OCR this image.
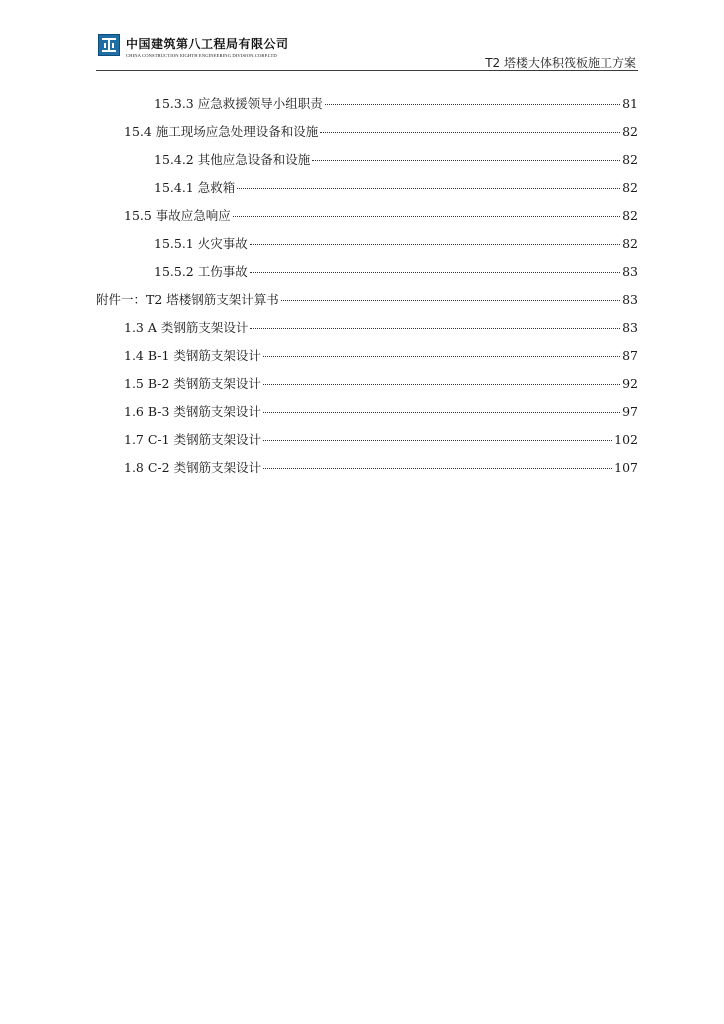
中国建筑第八工程局有限公司
CHINA CONSTRUCTION EIGHTH ENGINEERING DIVISION.CORP.LTD
T2 塔楼大体积筏板施工方案
15.3.3 应急救援领导小组职责	81
15.4 施工现场应急处理设备和设施	82
15.4.2 其他应急设备和设施	82
15.4.1 急救箱	82
15.5 事故应急响应	82
15.5.1 火灾事故	82
15.5.2 工伤事故	83
附件一：T2 塔楼钢筋支架计算书	83
1.3 A 类钢筋支架设计	83
1.4 B-1 类钢筋支架设计	87
1.5 B-2 类钢筋支架设计	92
1.6 B-3 类钢筋支架设计	97
1.7 C-1 类钢筋支架设计	102
1.8 C-2 类钢筋支架设计	107
